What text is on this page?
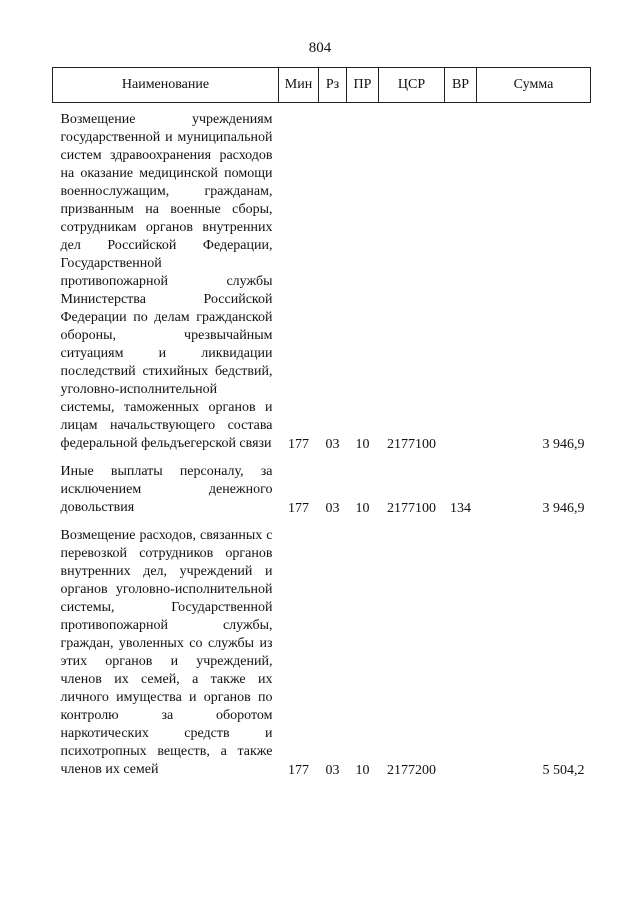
804
Наименование	Мин	Рз	ПР	ЦСР	ВР	Сумма
Возмещение учреждениям государственной и муниципальной систем здравоохранения расходов на оказание медицинской помощи военнослужащим, гражданам, призванным на военные сборы, сотрудникам органов внутренних дел Российской Федерации, Государственной противопожарной службы Министерства Российской Федерации по делам гражданской обороны, чрезвычайным ситуациям и ликвидации последствий стихийных бедствий, уголовно-исполнительной системы, таможенных органов и лицам начальствующего состава федеральной фельдъегерской связи	177	03	10	2177100		3 946,9
Иные выплаты персоналу, за исключением денежного довольствия	177	03	10	2177100	134	3 946,9
Возмещение расходов, связанных с перевозкой сотрудников органов внутренних дел, учреждений и органов уголовно-исполнительной системы, Государственной противопожарной службы, граждан, уволенных со службы из этих органов и учреждений, членов их семей, а также их личного имущества и органов по контролю за оборотом наркотических средств и психотропных веществ, а также членов их семей	177	03	10	2177200		5 504,2
